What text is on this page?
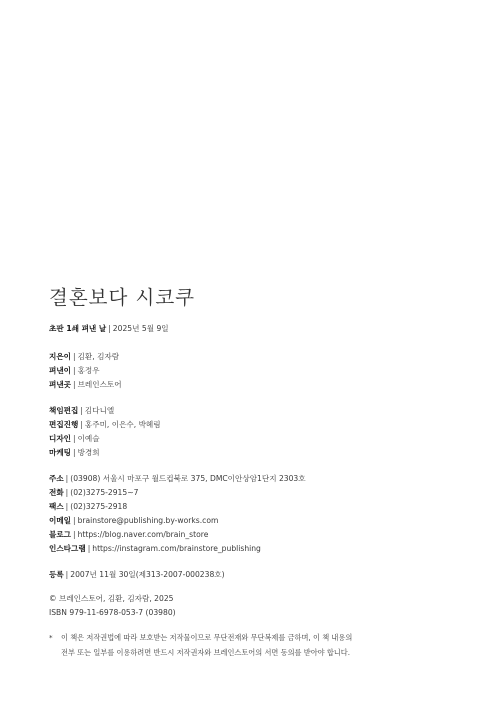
결혼보다 시코쿠
초판 1쇄 펴낸 날 | 2025년 5월 9일
지은이 | 김환, 김자람
펴낸이 | 홍정우
펴낸곳 | 브레인스토어
책임편집 | 김다니엘
편집진행 | 홍주미, 이은수, 박혜림
디자인 | 이예슬
마케팅 | 방경희
주소 | (03908) 서울시 마포구 월드컵북로 375, DMC이안상암1단지 2303호
전화 | (02)3275-2915~7
팩스 | (02)3275-2918
이메일 | brainstore@publishing.by-works.com
블로그 | https://blog.naver.com/brain_store
인스타그램 | https://instagram.com/brainstore_publishing
등록 | 2007년 11월 30일(제313-2007-000238호)
© 브레인스토어, 김환, 김자람, 2025
ISBN 979-11-6978-053-7 (03980)
* 이 책은 저작권법에 따라 보호받는 저작물이므로 무단전재와 무단복제를 금하며, 이 책 내용의
전부 또는 일부를 이용하려면 반드시 저작권자와 브레인스토어의 서면 동의를 받아야 합니다.
